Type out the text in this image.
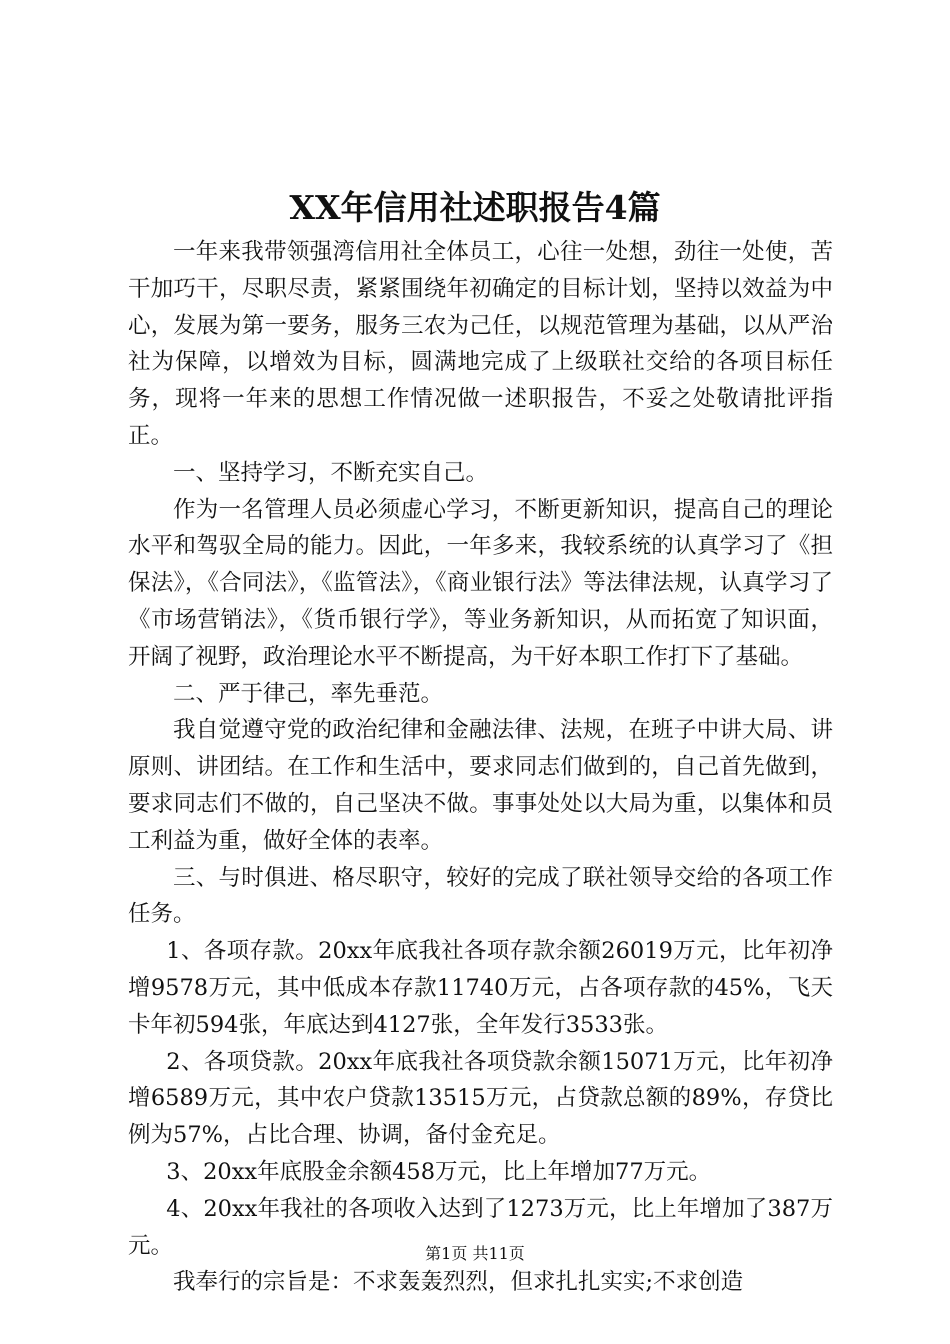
XX年信用社述职报告4篇

一年来我带领强湾信用社全体员工，心往一处想，劲往一处使，苦干加巧干，尽职尽责，紧紧围绕年初确定的目标计划，坚持以效益为中心，发展为第一要务，服务三农为己任，以规范管理为基础，以从严治社为保障，以增效为目标，圆满地完成了上级联社交给的各项目标任务，现将一年来的思想工作情况做一述职报告，不妥之处敬请批评指正。

一、坚持学习，不断充实自己。

作为一名管理人员必须虚心学习，不断更新知识，提高自己的理论水平和驾驭全局的能力。因此，一年多来，我较系统的认真学习了《担保法》，《合同法》，《监管法》，《商业银行法》等法律法规，认真学习了《市场营销法》，《货币银行学》，等业务新知识，从而拓宽了知识面，开阔了视野，政治理论水平不断提高，为干好本职工作打下了基础。

二、严于律己，率先垂范。

我自觉遵守党的政治纪律和金融法律、法规，在班子中讲大局、讲原则、讲团结。在工作和生活中，要求同志们做到的，自己首先做到，要求同志们不做的，自己坚决不做。事事处处以大局为重，以集体和员工利益为重，做好全体的表率。

三、与时俱进、格尽职守，较好的完成了联社领导交给的各项工作任务。

1、各项存款。20xx年底我社各项存款余额26019万元，比年初净增9578万元，其中低成本存款11740万元，占各项存款的45%，飞天卡年初594张，年底达到4127张，全年发行3533张。

2、各项贷款。20xx年底我社各项贷款余额15071万元，比年初净增6589万元，其中农户贷款13515万元，占贷款总额的89%，存贷比例为57%，占比合理、协调，备付金充足。

3、20xx年底股金余额458万元，比上年增加77万元。

4、20xx年我社的各项收入达到了1273万元，比上年增加了387万元。

我奉行的宗旨是：不求轰轰烈烈，但求扎扎实实;不求创造

第1页 共11页
